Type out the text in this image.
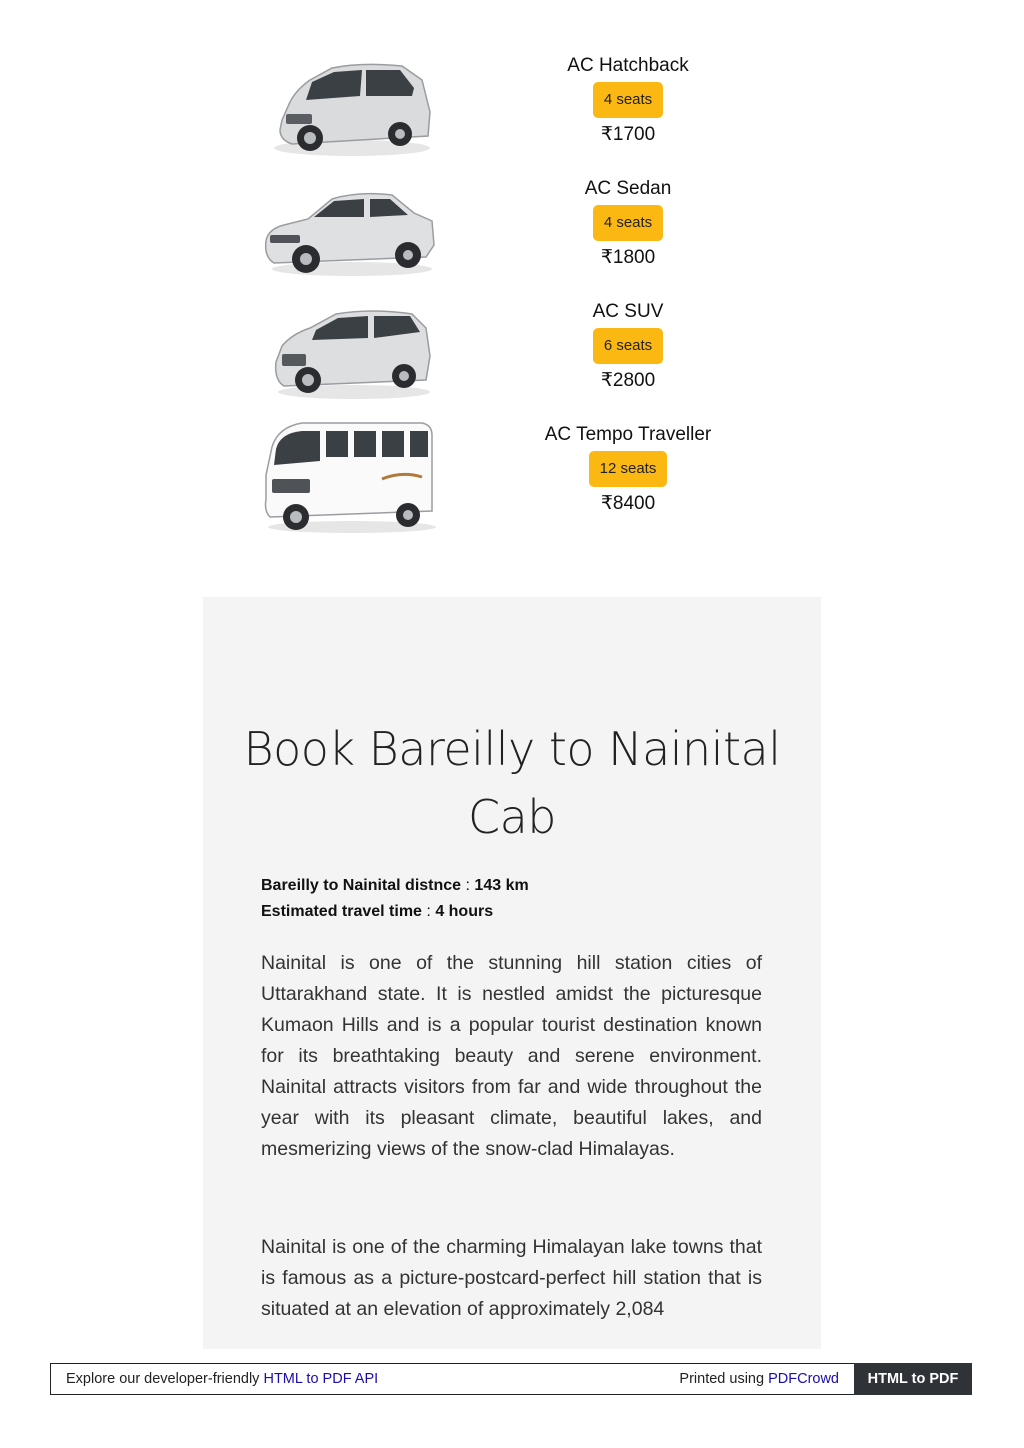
AC Hatchback
4 seats
₹1700
AC Sedan
4 seats
₹1800
AC SUV
6 seats
₹2800
AC Tempo Traveller
12 seats
₹8400
Book Bareilly to Nainital
Cab
Bareilly to Nainital distnce : 143 km
Estimated travel time : 4 hours
Nainital is one of the stunning hill station cities of Uttarakhand state. It is nestled amidst the picturesque Kumaon Hills and is a popular tourist destination known for its breathtaking beauty and serene environment. Nainital attracts visitors from far and wide throughout the year with its pleasant climate, beautiful lakes, and mesmerizing views of the snow-clad Himalayas.
Nainital is one of the charming Himalayan lake towns that is famous as a picture-postcard-perfect hill station that is situated at an elevation of approximately 2,084
Explore our developer-friendly HTML to PDF API	Printed using PDFCrowd	HTML to PDF
